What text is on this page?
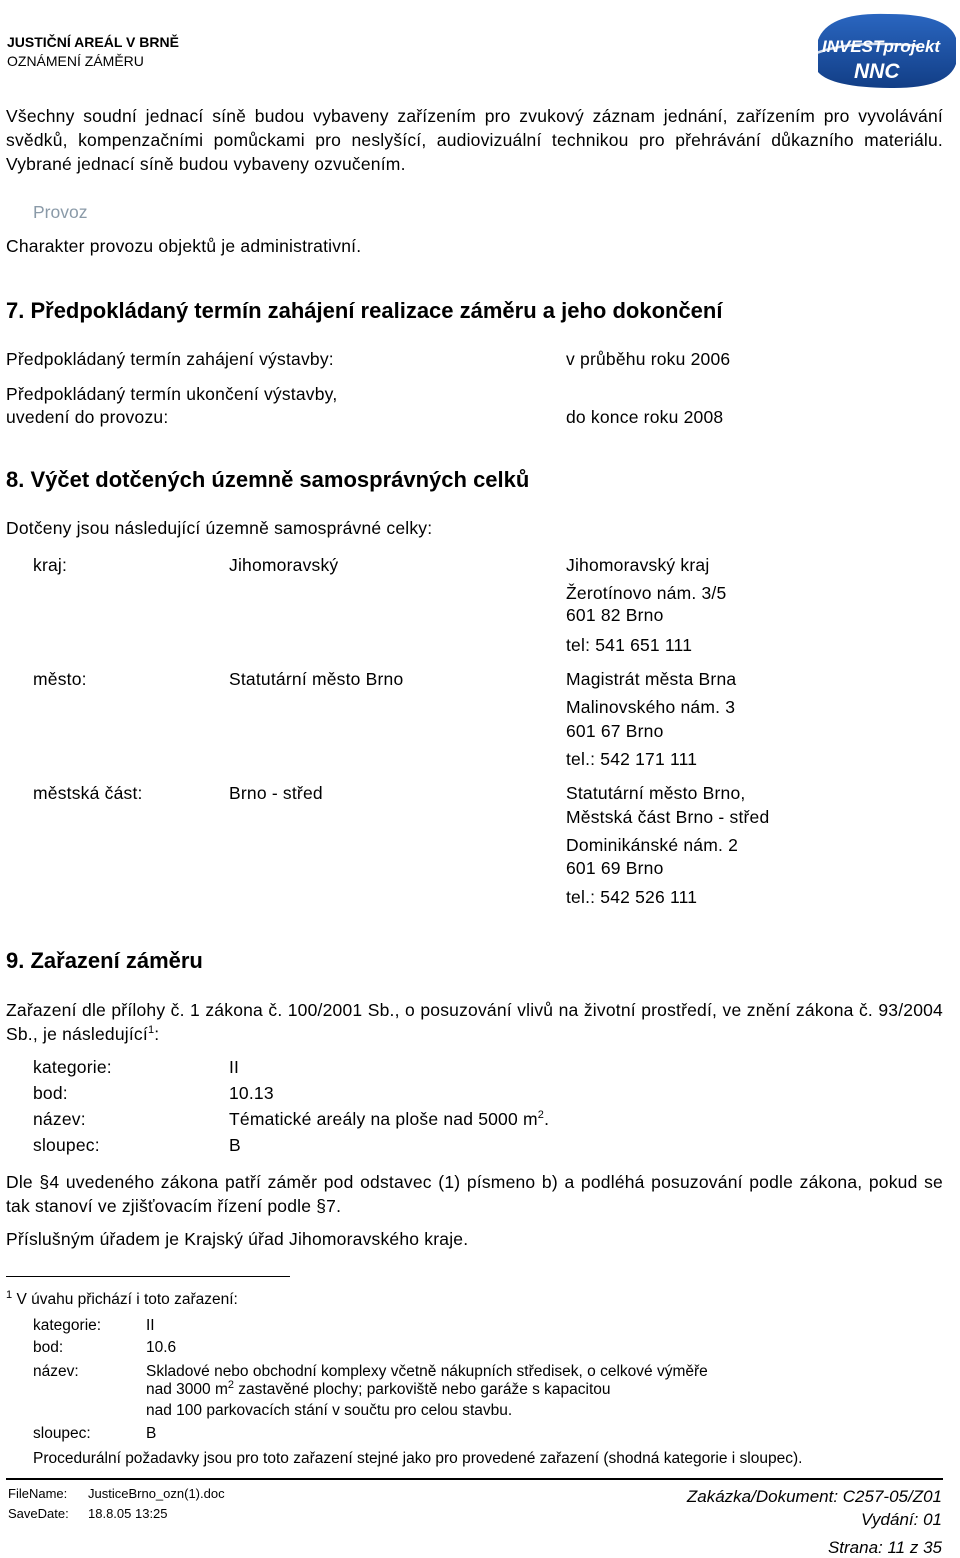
JUSTIČNÍ AREÁL V BRNĚ
OZNÁMENÍ ZÁMĚRU
INVESTprojekt
NNC
Všechny soudní jednací síně budou vybaveny zařízením pro zvukový záznam jednání, zařízením pro vyvolávání svědků, kompenzačními pomůckami pro neslyšící, audiovizuální technikou pro přehrávání důkazního materiálu. Vybrané jednací síně budou vybaveny ozvučením.
Provoz
Charakter provozu objektů je administrativní.
7. Předpokládaný termín zahájení realizace záměru a jeho dokončení
Předpokládaný termín zahájení výstavby:	v průběhu roku 2006
Předpokládaný termín ukončení výstavby,
uvedení do provozu:	do konce roku 2008
8. Výčet dotčených územně samosprávných celků
Dotčeny jsou následující územně samosprávné celky:
kraj:	Jihomoravský	Jihomoravský kraj
Žerotínovo nám. 3/5
601 82 Brno
tel: 541 651 111
město:	Statutární město Brno	Magistrát města Brna
Malinovského nám. 3
601 67 Brno
tel.: 542 171 111
městská část:	Brno - střed	Statutární město Brno,
Městská část Brno - střed
Dominikánské nám. 2
601 69 Brno
tel.: 542 526 111
9. Zařazení záměru
Zařazení dle přílohy č. 1 zákona č. 100/2001 Sb., o posuzování vlivů na životní prostředí, ve znění zákona č. 93/2004 Sb., je následující$^1$:
kategorie:	II
bod:	10.13
název:	Tématické areály na ploše nad 5000 $m^2$.
sloupec:	B
Dle §4 uvedeného zákona patří záměr pod odstavec (1) písmeno b) a podléhá posuzování podle zákona, pokud se tak stanoví ve zjišťovacím řízení podle §7.
Příslušným úřadem je Krajský úřad Jihomoravského kraje.
$^1$ V úvahu přichází i toto zařazení:
kategorie:	II
bod:	10.6
název:	Skladové nebo obchodní komplexy včetně nákupních středisek, o celkové výměře
nad 3000 $m^2$ zastavěné plochy; parkoviště nebo garáže s kapacitou
nad 100 parkovacích stání v součtu pro celou stavbu.
sloupec:	B
Procedurální požadavky jsou pro toto zařazení stejné jako pro provedené zařazení (shodná kategorie i sloupec).
FileName: JusticeBrno_ozn(1).doc
SaveDate: 18.8.05 13:25
Zakázka/Dokument: C257-05/Z01
Vydání: 01
Strana: 11 z 35
